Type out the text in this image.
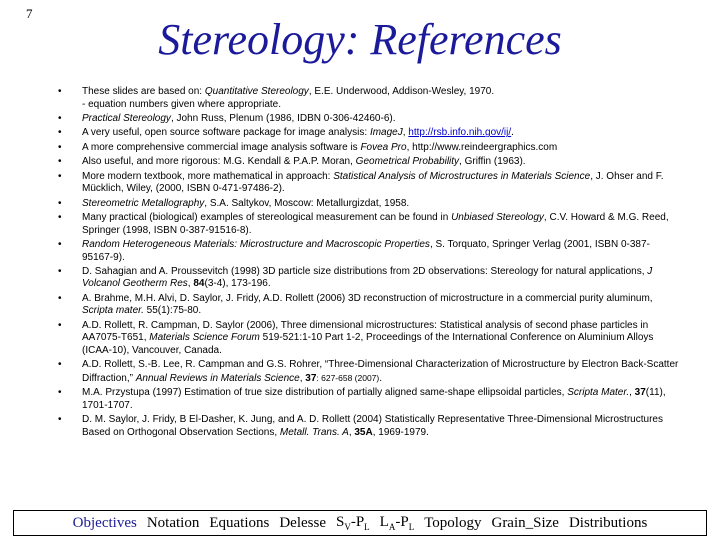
7
Stereology: References
• These slides are based on: Quantitative Stereology, E.E. Underwood, Addison-Wesley, 1970.
- equation numbers given where appropriate.
• Practical Stereology, John Russ, Plenum (1986, IDBN 0-306-42460-6).
• A very useful, open source software package for image analysis: ImageJ, http://rsb.info.nih.gov/ij/.
• A more comprehensive commercial image analysis software is Fovea Pro, http://www.reindeergraphics.com
• Also useful, and more rigorous: M.G. Kendall & P.A.P. Moran, Geometrical Probability, Griffin (1963).
• More modern textbook, more mathematical in approach: Statistical Analysis of Microstructures in Materials Science, J. Ohser and F. Mücklich, Wiley, (2000, ISBN 0-471-97486-2).
• Stereometric Metallography, S.A. Saltykov, Moscow: Metallurgizdat, 1958.
• Many practical (biological) examples of stereological measurement can be found in Unbiased Stereology, C.V. Howard & M.G. Reed, Springer (1998, ISBN 0-387-91516-8).
• Random Heterogeneous Materials: Microstructure and Macroscopic Properties, S. Torquato, Springer Verlag (2001, ISBN 0-387-95167-9).
• D. Sahagian and A. Proussevitch (1998) 3D particle size distributions from 2D observations: Stereology for natural applications, J Volcanol Geotherm Res, 84(3-4), 173-196.
• A. Brahme, M.H. Alvi, D. Saylor, J. Fridy, A.D. Rollett (2006) 3D reconstruction of microstructure in a commercial purity aluminum, Scripta mater. 55(1):75-80.
• A.D. Rollett, R. Campman, D. Saylor (2006), Three dimensional microstructures: Statistical analysis of second phase particles in AA7075-T651, Materials Science Forum 519-521:1-10 Part 1-2, Proceedings of the International Conference on Aluminium Alloys (ICAA-10), Vancouver, Canada.
• A.D. Rollett, S.-B. Lee, R. Campman and G.S. Rohrer, “Three-Dimensional Characterization of Microstructure by Electron Back-Scatter Diffraction,” Annual Reviews in Materials Science, 37: 627-658 (2007).
• M.A. Przystupa (1997) Estimation of true size distribution of partially aligned same-shape ellipsoidal particles, Scripta Mater., 37(11), 1701-1707.
• D. M. Saylor, J. Fridy, B El-Dasher, K. Jung, and A. D. Rollett (2004) Statistically Representative Three-Dimensional Microstructures Based on Orthogonal Observation Sections, Metall. Trans. A, 35A, 1969-1979.
Objectives Notation Equations Delesse $S_V-P_L$ $L_A-P_L$ Topology Grain_Size Distributions
